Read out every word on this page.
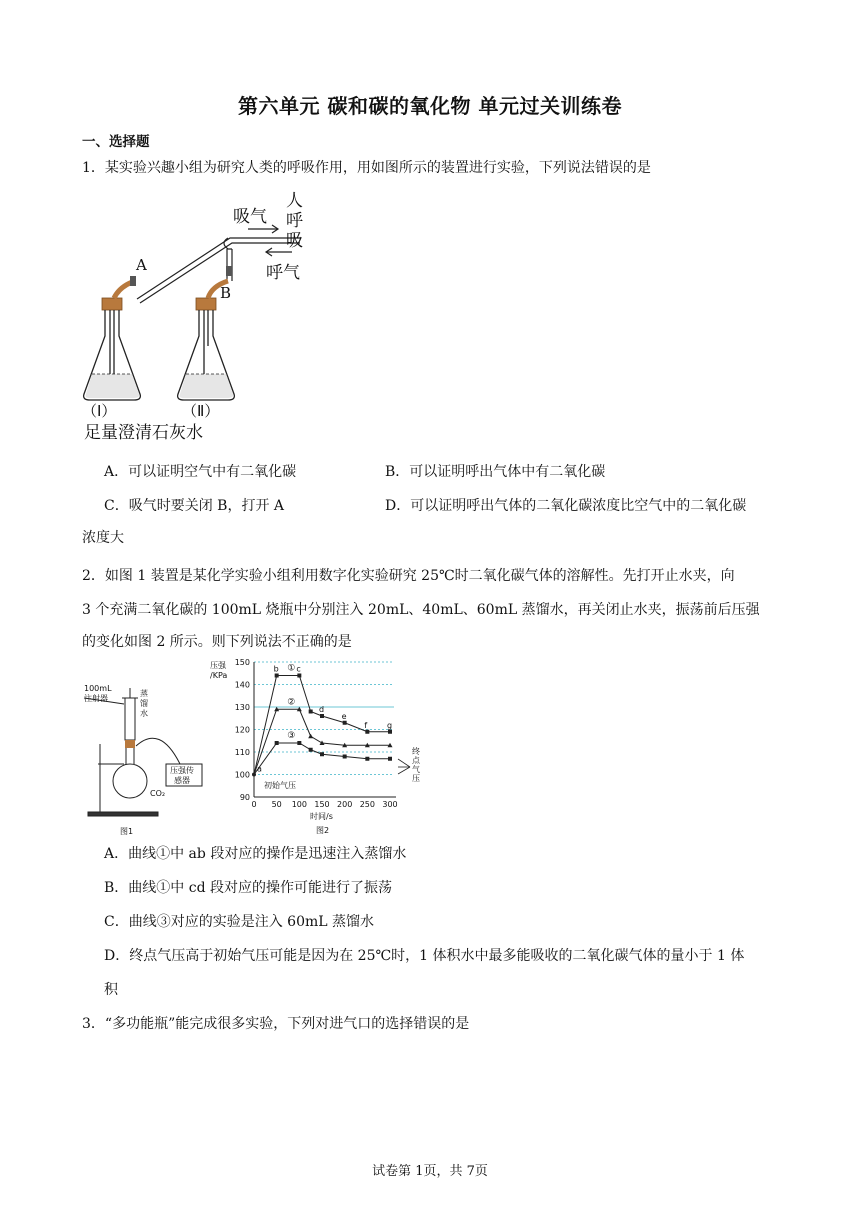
第六单元 碳和碳的氧化物 单元过关训练卷
一、选择题
1．某实验兴趣小组为研究人类的呼吸作用，用如图所示的装置进行实验，下列说法错误的是
吸气
人
呼
吸
呼气
A
B
（Ⅰ）	（Ⅱ）
足量澄清石灰水
A．可以证明空气中有二氧化碳	B．可以证明呼出气体中有二氧化碳
C．吸气时要关闭 B，打开 A	D．可以证明呼出气体的二氧化碳浓度比空气中的二氧化碳
浓度大
2．如图 1 装置是某化学实验小组利用数字化实验研究 25℃时二氧化碳气体的溶解性。先打开止水夹，向
3 个充满二氧化碳的 100mL 烧瓶中分别注入 20mL、40mL、60mL 蒸馏水，再关闭止水夹，振荡前后压强
的变化如图 2 所示。则下列说法不正确的是
100mL
注射器
蒸
馏
水
压强传
感器
CO₂
图1
90
100
110
120
130
140
150
0 50 100 150 200 250 300
b c
d
e
f g
①
②
③
a
压强
/KPa
时间/s
图2
初始气压
终
点
气
压
A．曲线①中 ab 段对应的操作是迅速注入蒸馏水
B．曲线①中 cd 段对应的操作可能进行了振荡
C．曲线③对应的实验是注入 60mL 蒸馏水
D．终点气压高于初始气压可能是因为在 25℃时，1 体积水中最多能吸收的二氧化碳气体的量小于 1 体
积
3．“多功能瓶”能完成很多实验，下列对进气口的选择错误的是
试卷第 1页，共 7页
